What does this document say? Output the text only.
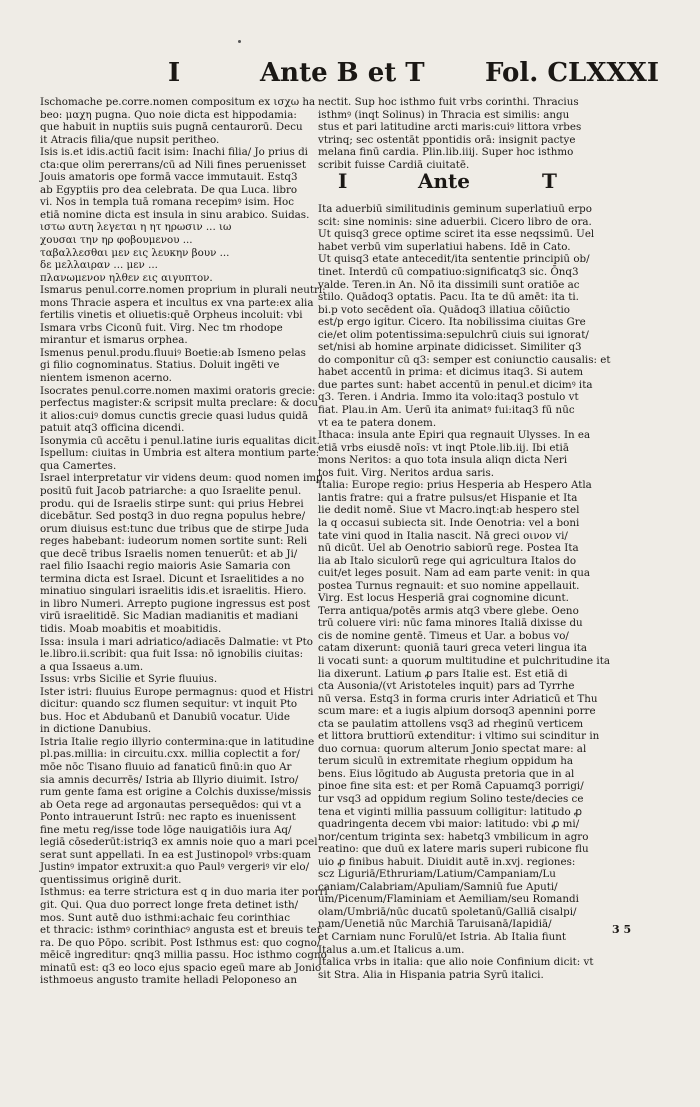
I	Ante B et T Fol. CLXXXI
Ischomache pe.corre.nomen compositum ex ισχω ha
beo: μαχη pugna. Quo noie dicta est hippodamia:
que habuit in nuptiis suis pugnā centaurorū. Decu
it Atracis filia/que nupsit peritheo.
Isis is.et idis.actiū facit isim: Inachi filia/ Jo prius di
cta:que olim pererrans/cū ad Nili fines peruenisset
Jouis amatoris ope formā vacce immutauit. Estq3
ab Egyptiis pro dea celebrata. De qua Luca. libro
vi. Nos in templa tuā romana recepimꝰ isim. Hoc
etiā nomine dicta est insula in sinu arabico. Suidas.
ιστω αυτη λεγεται η ητ ηρωσιν ... ιω
χουσαι την ηρ φοβουμενου ...
ταβαλλεσθαι μεν εις λευκην βουν ...
δε μελλαιραν ... μεν ...
πλανωμενον ηλθεν εις αιγυπτον.
Ismarus penul.corre.nomen proprium in plurali neutri:
mons Thracie aspera et incultus ex vna parte:ex alia
fertilis vinetis et oliuetis:quē Orpheus incoluit: vbi
Ismara vrbs Ciconū fuit. Virg. Nec tm rhodope
mirantur et ismarus orphea.
Ismenus penul.produ.fluuiꝰ Boetie:ab Ismeno pelas
gi filio cognominatus. Statius. Doluit ingēti ve
nientem ismenon acerno.
Isocrates penul.corre.nomen maximi oratoris grecie:
perfectus magister:& scripsit multa preclare: & docu
it alios:cuiꝰ domus cunctis grecie quasi ludus quidā
patuit atq3 officina dicendi.
Isonymia cū accētu i penul.latine iuris equalitas dicit.
Ispellum: ciuitas in Umbria est altera montium parte:
qua Camertes.
Israel interpretatur vir videns deum: quod nomen imꝑ
positū fuit Jacob patriarche: a quo Israelite penul.
produ. qui de Israelis stirpe sunt: qui prius Hebrei
dicebātur. Sed postq3 in duo regna populus hebre/
orum diuisus est:tunc due tribus que de stirpe Juda
reges habebant: iudeorum nomen sortite sunt: Reli
que decē tribus Israelis nomen tenuerūt: et ab Ji/
rael filio Isaachi regio maioris Asie Samaria con
termina dicta est Israel. Dicunt et Israelitides a no
minatiuo singulari israelitis idis.et israelitis. Hiero.
in libro Numeri. Arrepto pugione ingressus est post
virū israelitidē. Sic Madian madianitis et madiani
tidis. Moab moabitis et moabitidis.
Issa: insula i mari adriatico/adiacēs Dalmatie: vt Pto
le.libro.ii.scribit: qua fuit Issa: nō ignobilis ciuitas:
a qua Issaeus a.um.
Issus: vrbs Sicilie et Syrie fluuius.
Ister istri: fluuius Europe permagnus: quod et Histri
dicitur: quando scz flumen sequitur: vt inquit Pto
bus. Hoc et Abdubanū et Danubiū vocatur. Uide
in dictione Danubius.
Istria Italie regio illyrio contermina:que in latitudine
pl.pas.millia: in circuitu.cxx. millia coplectit a for/
mōe nōc Tisano fluuio ad fanaticū finū:in quo Ar
sia amnis decurrēs/ Istria ab Illyrio diuimit. Istro/
rum gente fama est origine a Colchis duxisse/missis
ab Oeta rege ad argonautas persequēdos: qui vt a
Ponto intrauerunt Istrū: nec rapto es inuenissent
fine metu reg/isse tode lōge nauigatiōis iura Aq/
legiā cōsederūt:istriq3 ex amnis noie quo a mari pcel
serat sunt appellati. In ea est Justinopolꝰ vrbs:quam
Justinꝰ impator extruxit:a quo Paulꝰ vergeriꝰ vir elo/
quentissimus originē durit.
Isthmus: ea terre strictura est q in duo maria iter porri
git. Qui. Qua duo porrect longe freta detinet isth/
mos. Sunt autē duo isthmi:achaic feu corinthiac
et thracic: isthmꝰ corinthiacꝰ angusta est et breuis ter
ra. De quo Pōpo. scribit. Post Isthmus est: quo cogno/
mēicē ingreditur: qnq3 millia passu. Hoc isthmo cogno
minatū est: q3 eo loco ejus spacio egeū mare ab Jonio
isthmoeus angusto tramite helladi Peloponeso an
nectit. Sup hoc isthmo fuit vrbs corinthi. Thracius
isthmꝰ (inqt Solinus) in Thracia est similis: angu
stus et pari latitudine arcti maris:cuiꝰ littora vrbes
vtrinq; sec ostentāt ppontidis orā: insignit pactye
melana finū cardia. Plin.lib.iiij. Super hoc isthmo
scribit fuisse Cardiā ciuitatē.
I	Ante	T
Ita aduerbiū similitudinis geminum superlatiuū erpo
scit: sine nominis: sine aduerbii. Cicero libro de ora.
Ut quisq3 grece optime sciret ita esse neqssimū. Uel
habet verbū vim superlatiui habens. Idē in Cato.
Ut quisq3 etate antecedit/ita sententie principiū ob/
tinet. Interdū cū compatiuo:significatq3 sic. Ōnq3
valde. Teren.in An. Nō ita dissimili sunt oratiōe ac
stilo. Quādoq3 optatis. Pacu. Ita te dū amēt: ita ti.
bi.p voto secēdent oīa. Quādoq3 illatiua cōiūctio
est/p ergo igitur. Cicero. Ita nobilissima ciuitas Gre
cie/et olim potentissima:sepulchrū ciuis sui ignorat/
set/nisi ab homine arpinate didicisset. Similiter q3
do componitur cū q3: semper est coniunctio causalis: et
habet accentū in prima: et dicimus itaq3. Si autem
due partes sunt: habet accentū in penul.et dicimꝰ ita
q3. Teren. i Andria. Immo ita volo:itaq3 postulo vt
fiat. Plau.in Am. Uerū ita animatꝰ fui:itaq3 fū nūc
vt ea te patera donem.
Ithaca: insula ante Epiri qua regnauit Ulysses. In ea
etiā vrbs eiusdē noīs: vt inqt Ptole.lib.iij. Ibi etiā
mons Neritos: a quo tota insula aliqn dicta Neri
tos fuit. Virg. Neritos ardua saris.
Italia: Europe regio: prius Hesperia ab Hespero Atla
lantis fratre: qui a fratre pulsus/et Hispanie et Ita
lie dedit nomē. Siue vt Macro.inqt:ab hespero stel
la q occasui subiecta sit. Inde Oenotria: vel a boni
tate vini quod in Italia nascit. Nā greci οινον vi/
nū dicūt. Uel ab Oenotrio sabiorū rege. Postea Ita
lia ab Italo siculorū rege qui agricultura Italos do
cuit/et leges posuit. Nam ad eam parte venit: in qua
postea Turnus regnauit: et suo nomine appellauit.
Virg. Est locus Hesperiā grai cognomine dicunt.
Terra antiqua/potēs armis atq3 vbere glebe. Oeno
trū coluere viri: nūc fama minores Italiā dixisse du
cis de nomine gentē. Timeus et Uar. a bobus vo/
catam dixerunt: quoniā tauri greca veteri lingua ita
li vocati sunt: a quorum multitudine et pulchritudine ita
lia dixerunt. Latium ꝓ pars Italie est. Est etiā di
cta Ausonia/(vt Aristoteles inquit) pars ad Tyrrhe
nū versa. Estq3 in forma cruris inter Adriaticū et Thu
scum mare: et a iugis alpium dorsoq3 apennini porre
cta se paulatim attollens vsq3 ad rheginū verticem
et littora bruttiorū extenditur: i vltimo sui scinditur in
duo cornua: quorum alterum Jonio spectat mare: al
terum siculū in extremitate rhegium oppidum ha
bens. Eius lōgitudo ab Augusta pretoria que in al
pinoe fine sita est: et per Romā Capuamq3 porrigi/
tur vsq3 ad oppidum regium Solino teste/decies ce
tena et viginti millia passuum colligitur: latitudo ꝓ
quadringenta decem vbi maior: latitudo: vbi ꝓ mi/
nor/centum triginta sex: habetq3 vmbilicum in agro
reatino: que duū ex latere maris superi rubicone flu
uio ꝓ finibus habuit. Diuidit autē in.xvj. regiones:
scz Liguriā/Ethruriam/Latium/Campaniam/Lu
caniam/Calabriam/Apuliam/Samniū fue Aputi/
um/Picenum/Flaminiam et Aemiliam/seu Romandi
olam/Umbriā/nūc ducatū spoletanū/Galliā cisalpi/
nam/Uenetiā nūc Marchiā Taruisanā/Iapidiā/
et Carniam nunc Forulū/et Istria. Ab Italia fiunt
Italus a.um.et Italicus a.um.
Italica vrbs in italia: que alio noie Confinium dicit: vt
sit Stra. Alia in Hispania patria Syrū italici.
3 5
